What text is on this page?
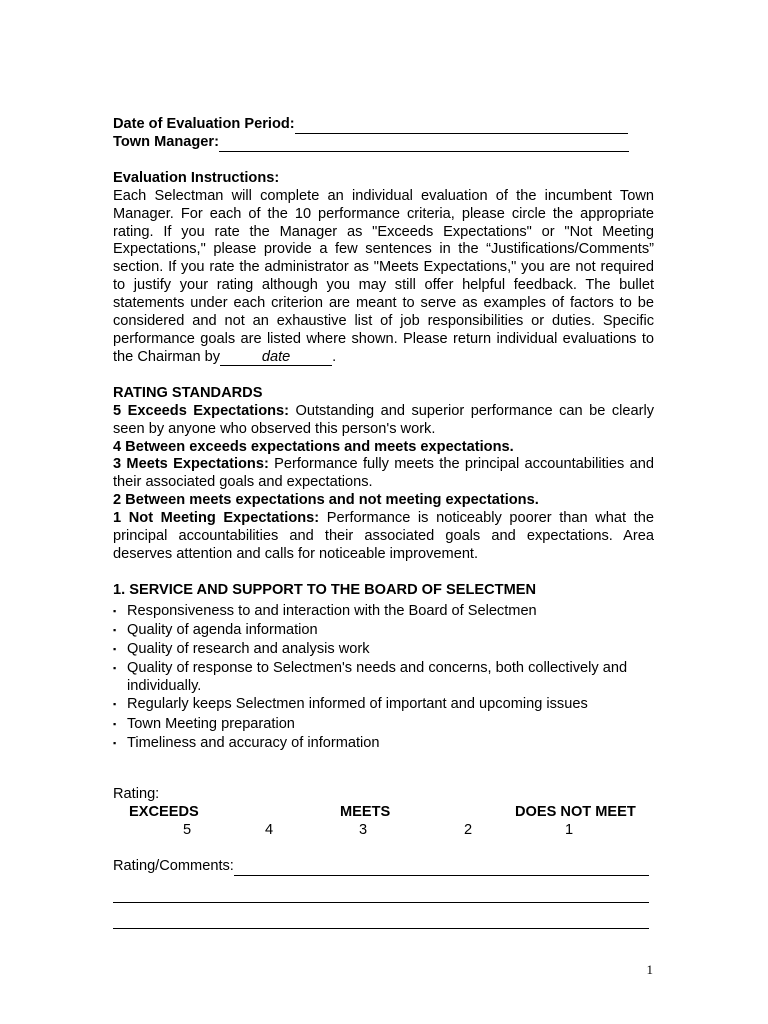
Date of Evaluation Period:
Town Manager:
Evaluation Instructions:
Each Selectman will complete an individual evaluation of the incumbent Town Manager. For each of the 10 performance criteria, please circle the appropriate rating. If you rate the Manager as "Exceeds Expectations" or "Not Meeting Expectations," please provide a few sentences in the “Justifications/Comments” section. If you rate the administrator as "Meets Expectations," you are not required to justify your rating although you may still offer helpful feedback. The bullet statements under each criterion are meant to serve as examples of factors to be considered and not an exhaustive list of job responsibilities or duties. Specific performance goals are listed where shown. Please return individual evaluations to the Chairman by	date	.
RATING STANDARDS
5 Exceeds Expectations: Outstanding and superior performance can be clearly seen by anyone who observed this person's work.
4 Between exceeds expectations and meets expectations.
3 Meets Expectations: Performance fully meets the principal accountabilities and their associated goals and expectations.
2 Between meets expectations and not meeting expectations.
1 Not Meeting Expectations: Performance is noticeably poorer than what the principal accountabilities and their associated goals and expectations. Area deserves attention and calls for noticeable improvement.
1. SERVICE AND SUPPORT TO THE BOARD OF SELECTMEN
▪ Responsiveness to and interaction with the Board of Selectmen
▪ Quality of agenda information
▪ Quality of research and analysis work
▪ Quality of response to Selectmen's needs and concerns, both collectively and individually.
▪ Regularly keeps Selectmen informed of important and upcoming issues
▪ Town Meeting preparation
▪ Timeliness and accuracy of information
Rating:
EXCEEDS	MEETS	DOES NOT MEET
5	4	3	2	1
Rating/Comments:
1
